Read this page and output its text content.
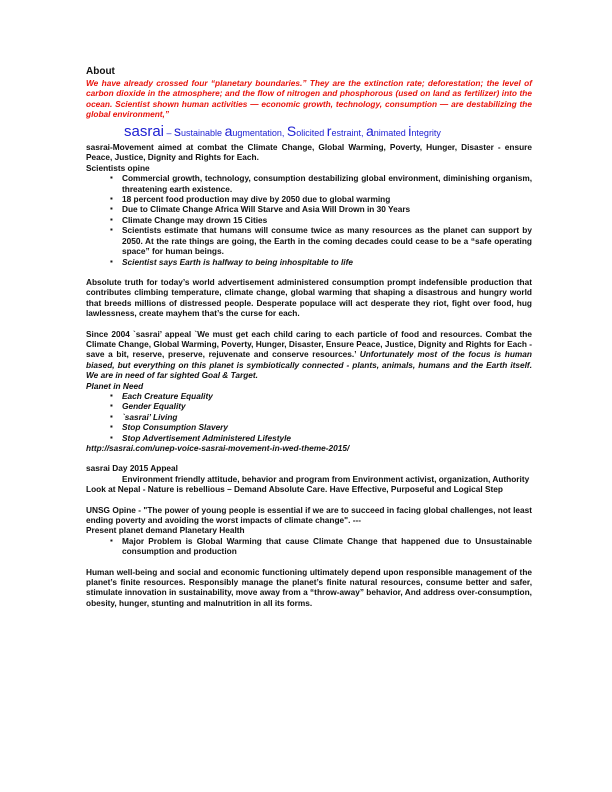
About
We have already crossed four “planetary boundaries.” They are the extinction rate; deforestation; the level of carbon dioxide in the atmosphere; and the flow of nitrogen and phosphorous (used on land as fertilizer) into the ocean. Scientist shown human activities — economic growth, technology, consumption — are destabilizing the global environment,”
sasrai – sustainable augmentation, Solicited restraint, animated integrity
sasrai-Movement aimed at combat the Climate Change, Global Warming, Poverty, Hunger, Disaster - ensure Peace, Justice, Dignity and Rights for Each.
Scientists opine
▪ Commercial growth, technology, consumption destabilizing global environment, diminishing organism, threatening earth existence.
▪ 18 percent food production may dive by 2050 due to global warming
▪ Due to Climate Change Africa Will Starve and Asia Will Drown in 30 Years
▪ Climate Change may drown 15 Cities
▪ Scientists estimate that humans will consume twice as many resources as the planet can support by 2050. At the rate things are going, the Earth in the coming decades could cease to be a “safe operating space” for human beings.
▪ Scientist says Earth is halfway to being inhospitable to life
Absolute truth for today’s world advertisement administered consumption prompt indefensible production that contributes climbing temperature, climate change, global warming that shaping a disastrous and hungry world that breeds millions of distressed people. Desperate populace will act desperate they riot, fight over food, hug lawlessness, create mayhem that’s the curse for each.
Since 2004 `sasrai’ appeal `We must get each child caring to each particle of food and resources. Combat the Climate Change, Global Warming, Poverty, Hunger, Disaster, Ensure Peace, Justice, Dignity and Rights for Each - save a bit, reserve, preserve, rejuvenate and conserve resources.’ Unfortunately most of the focus is human biased, but everything on this planet is symbiotically connected - plants, animals, humans and the Earth itself. We are in need of far sighted Goal & Target.
Planet in Need
▪ Each Creature Equality
▪ Gender Equality
▪ `sasrai’ Living
▪ Stop Consumption Slavery
▪ Stop Advertisement Administered Lifestyle
http://sasrai.com/unep-voice-sasrai-movement-in-wed-theme-2015/
sasrai Day 2015 Appeal
Environment friendly attitude, behavior and program from Environment activist, organization, Authority
Look at Nepal - Nature is rebellious – Demand Absolute Care. Have Effective, Purposeful and Logical Step
UNSG Opine - "The power of young people is essential if we are to succeed in facing global challenges, not least ending poverty and avoiding the worst impacts of climate change". ---
Present planet demand Planetary Health
▪ Major Problem is Global Warming that cause Climate Change that happened due to Unsustainable consumption and production
Human well-being and social and economic functioning ultimately depend upon responsible management of the planet’s finite resources. Responsibly manage the planet’s finite natural resources, consume better and safer, stimulate innovation in sustainability, move away from a “throw-away” behavior, And address over-consumption, obesity, hunger, stunting and malnutrition in all its forms.
